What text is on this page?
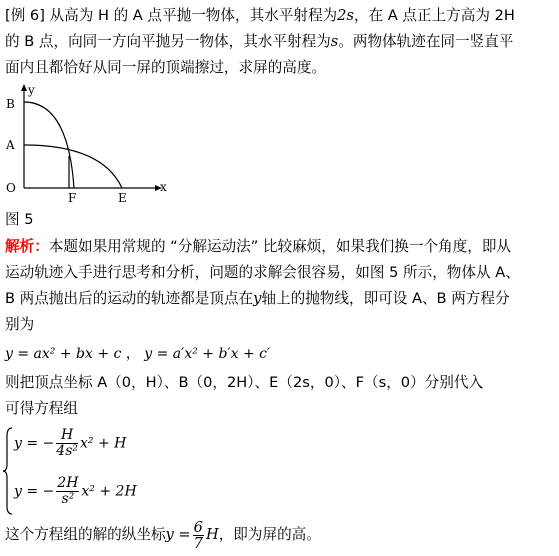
[例 6] 从高为 H 的 A 点平抛一物体，其水平射程为2s，在 A 点正上方高为 2H
的 B 点，向同一方向平抛另一物体，其水平射程为s。两物体轨迹在同一竖直平
面内且都恰好从同一屏的顶端擦过，求屏的高度。
y
x
B
A
O
F	E
图 5
解析：本题如果用常规的 “分解运动法” 比较麻烦，如果我们换一个角度，即从
运动轨迹入手进行思考和分析，问题的求解会很容易，如图 5 所示，物体从 A、
B 两点抛出后的运动的轨迹都是顶点在y轴上的抛物线，即可设 A、B 两方程分
别为
y = ax² + bx + c ， y = a′x² + b′x + c′
则把顶点坐标 A（0，H）、B（0，2H）、E（2s，0）、F（s，0）分别代入
可得方程组
y = − $\frac{H}{\text{4s²}} x^2 + H$
y = − $\frac{2H}{\text{s²}} x^2 + 2H$
这个方程组的解的纵坐标$y = \frac{6}{7}$ H，即为屏的高。
